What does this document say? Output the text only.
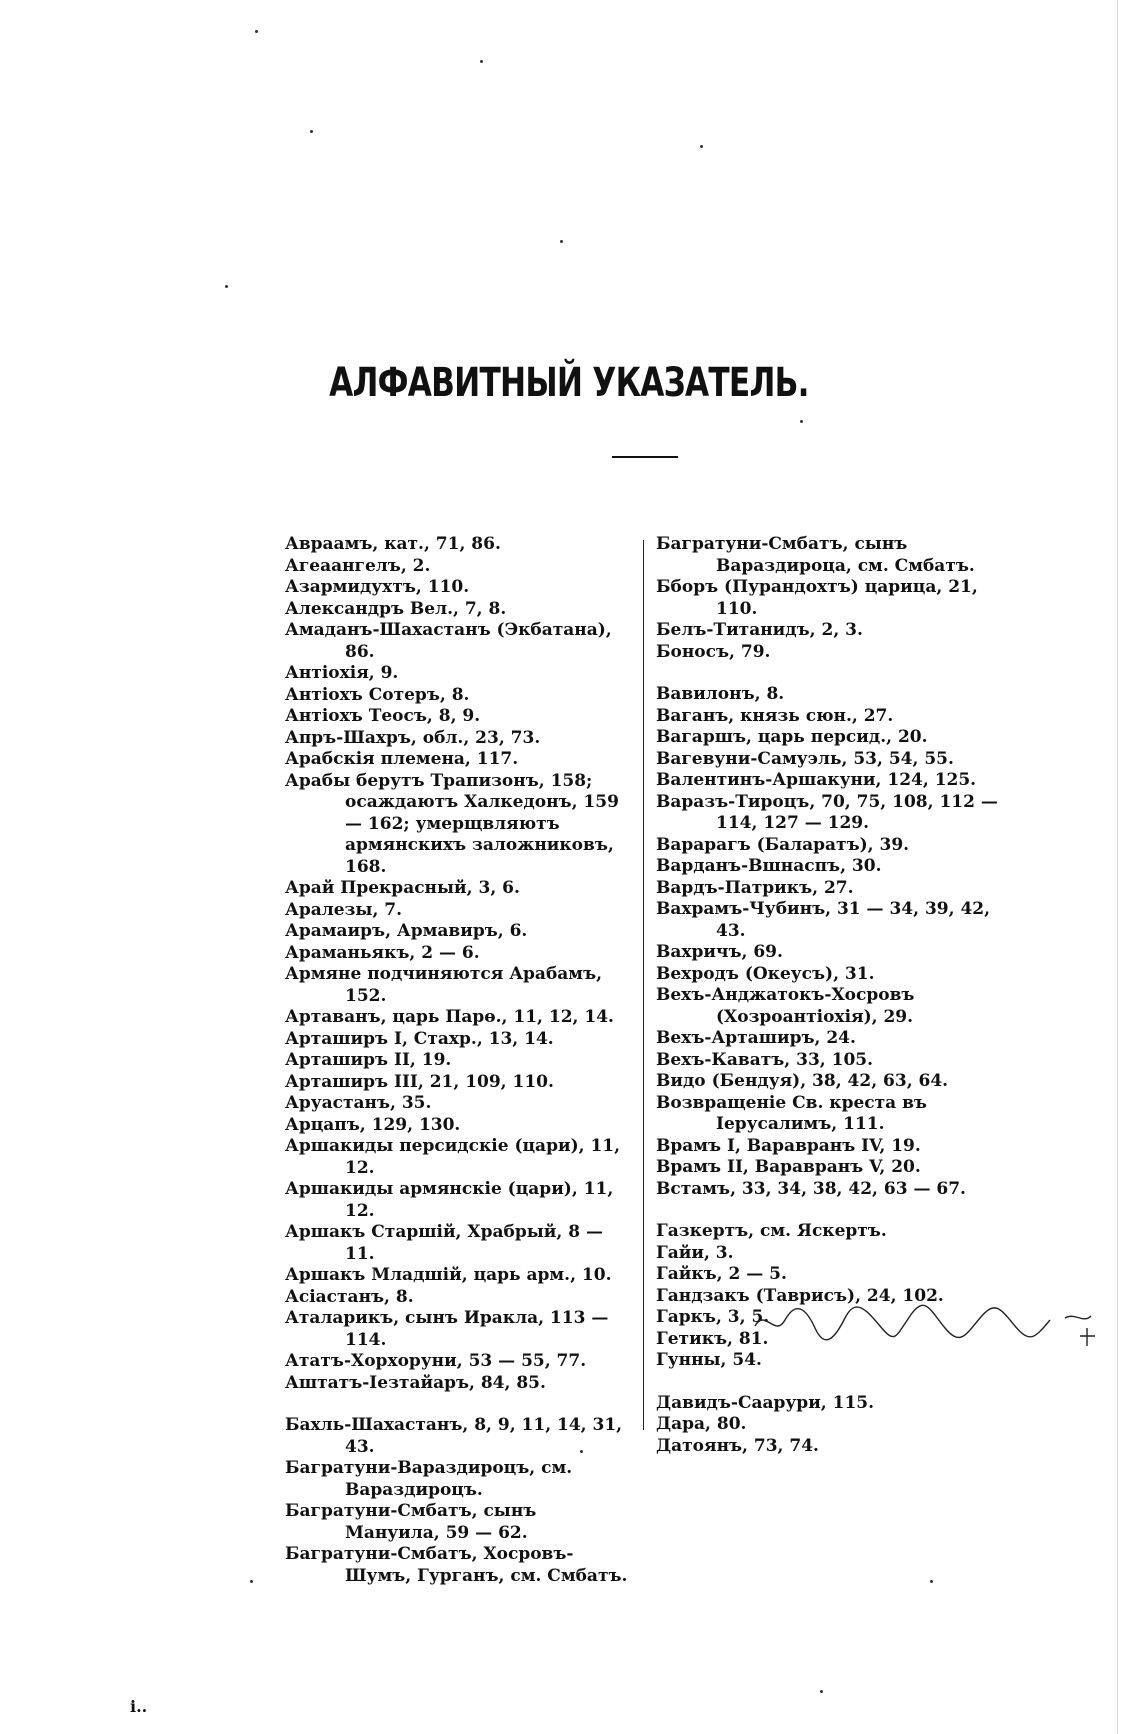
АЛФАВИТНЫЙ УКАЗАТЕЛЬ.
Авраамъ, кат., 71, 86.
Агеаангелъ, 2.
Азармидухтъ, 110.
Александръ Вел., 7, 8.
Амаданъ-Шахастанъ (Экбатана), 86.
Антіохія, 9.
Антіохъ Сотеръ, 8.
Антіохъ Теосъ, 8, 9.
Апръ-Шахръ, обл., 23, 73.
Арабскія племена, 117.
Арабы берутъ Трапизонъ, 158; осаждаютъ Халкедонъ, 159 — 162; умерщвляютъ армянскихъ заложниковъ, 168.
Арай Прекрасный, 3, 6.
Аралезы, 7.
Арамаиръ, Армавиръ, 6.
Араманьякъ, 2 — 6.
Армяне подчиняются Арабамъ, 152.
Артаванъ, царь Парө., 11, 12, 14.
Арташиръ I, Стахр., 13, 14.
Арташиръ II, 19.
Арташиръ III, 21, 109, 110.
Аруастанъ, 35.
Арцапъ, 129, 130.
Аршакиды персидскіе (цари), 11, 12.
Аршакиды армянскіе (цари), 11, 12.
Аршакъ Старшій, Храбрый, 8 — 11.
Аршакъ Младшій, царь арм., 10.
Асіастанъ, 8.
Аталарикъ, сынъ Иракла, 113 — 114.
Ататъ-Хорхоруни, 53 — 55, 77.
Аштатъ-Іезтайаръ, 84, 85.
Бахль-Шахастанъ, 8, 9, 11, 14, 31, 43.
Багратуни-Вараздироцъ, см. Вараздироцъ.
Багратуни-Смбатъ, сынъ Мануила, 59 — 62.
Багратуни-Смбатъ, Хосровъ-Шумъ, Гурганъ, см. Смбатъ.
Багратуни-Смбатъ, сынъ Вараздироца, см. Смбатъ.
Бборъ (Пурандохтъ) царица, 21, 110.
Белъ-Титанидъ, 2, 3.
Боносъ, 79.
Вавилонъ, 8.
Ваганъ, князь сюн., 27.
Вагаршъ, царь персид., 20.
Вагевуни-Самуэль, 53, 54, 55.
Валентинъ-Аршакуни, 124, 125.
Варазъ-Тироцъ, 70, 75, 108, 112 — 114, 127 — 129.
Варарагъ (Баларатъ), 39.
Варданъ-Вшнаспъ, 30.
Вардъ-Патрикъ, 27.
Вахрамъ-Чубинъ, 31 — 34, 39, 42, 43.
Вахричъ, 69.
Вехродъ (Океусъ), 31.
Вехъ-Анджатокъ-Хосровъ (Хозроантіохія), 29.
Вехъ-Арташиръ, 24.
Вехъ-Каватъ, 33, 105.
Видо (Бендуя), 38, 42, 63, 64.
Возвращеніе Св. креста въ Іерусалимъ, 111.
Врамъ I, Варавранъ IV, 19.
Врамъ II, Варавранъ V, 20.
Встамъ, 33, 34, 38, 42, 63 — 67.
Газкертъ, см. Яскертъ.
Гайи, 3.
Гайкъ, 2 — 5.
Гандзакъ (Таврисъ), 24, 102.
Гаркъ, 3, 5.
Гетикъ, 81.
Гунны, 54.
Давидъ-Саарури, 115.
Дара, 80.
Датоянъ, 73, 74.
i..
